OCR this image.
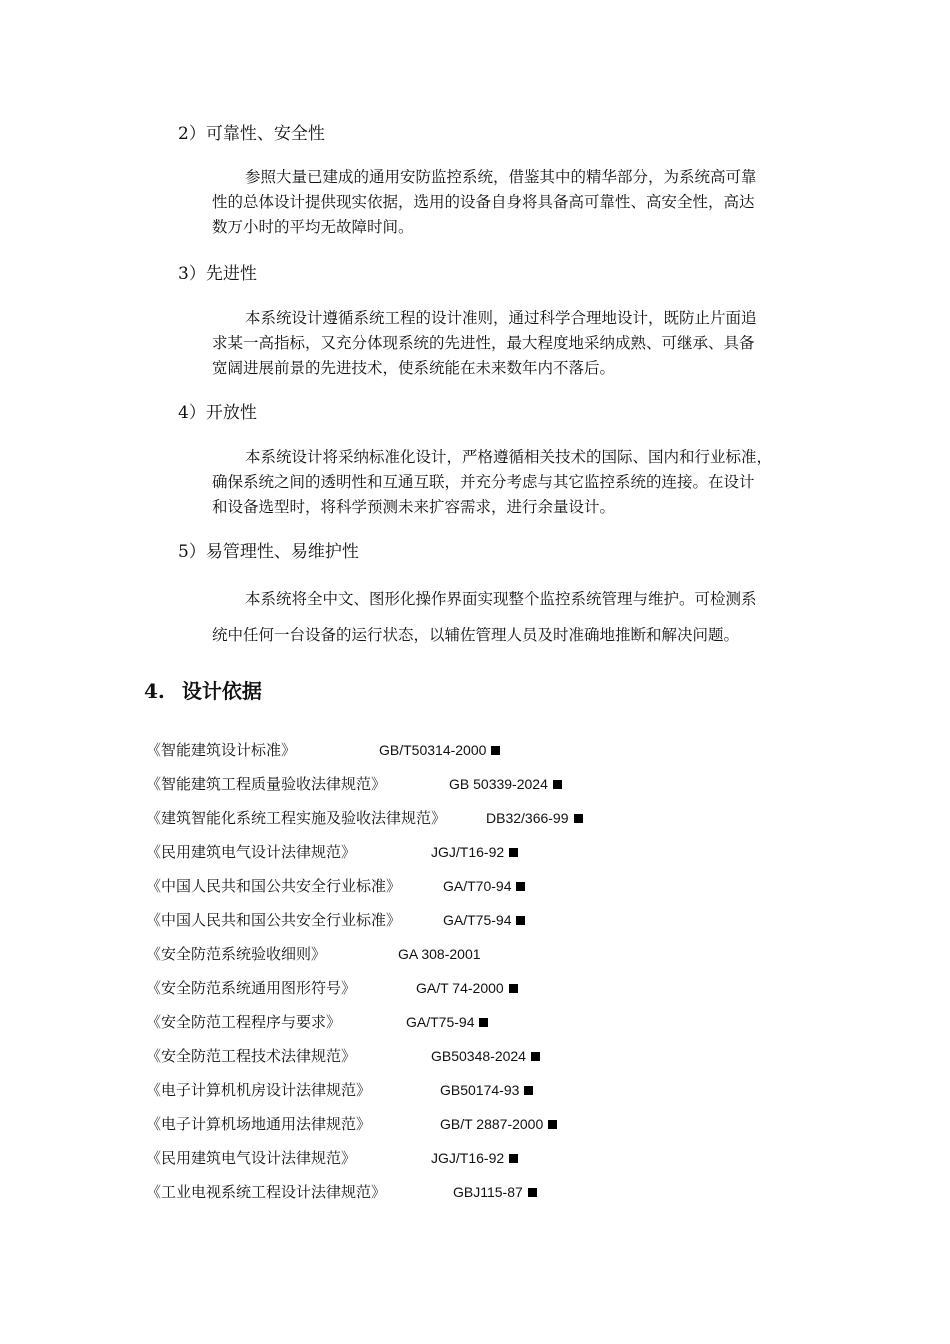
2）可靠性、安全性
参照大量已建成的通用安防监控系统，借鉴其中的精华部分，为系统高可靠
性的总体设计提供现实依据，选用的设备自身将具备高可靠性、高安全性，高达
数万小时的平均无故障时间。
3）先进性
本系统设计遵循系统工程的设计准则，通过科学合理地设计，既防止片面追
求某一高指标，又充分体现系统的先进性，最大程度地采纳成熟、可继承、具备
宽阔进展前景的先进技术，使系统能在未来数年内不落后。
4）开放性
本系统设计将采纳标准化设计，严格遵循相关技术的国际、国内和行业标准，
确保系统之间的透明性和互通互联，并充分考虑与其它监控系统的连接。在设计
和设备选型时，将科学预测未来扩容需求，进行余量设计。
5）易管理性、易维护性
本系统将全中文、图形化操作界面实现整个监控系统管理与维护。可检测系
统中任何一台设备的运行状态，以辅佐管理人员及时准确地推断和解决问题。
4. 设计依据
《智能建筑设计标准》	GB/T50314-2000
《智能建筑工程质量验收法律规范》	GB 50339-2024
《建筑智能化系统工程实施及验收法律规范》	DB32/366-99
《民用建筑电气设计法律规范》	JGJ/T16-92
《中国人民共和国公共安全行业标准》	GA/T70-94
《中国人民共和国公共安全行业标准》	GA/T75-94
《安全防范系统验收细则》	GA 308-2001
《安全防范系统通用图形符号》	GA/T 74-2000
《安全防范工程程序与要求》	GA/T75-94
《安全防范工程技术法律规范》	GB50348-2024
《电子计算机机房设计法律规范》	GB50174-93
《电子计算机场地通用法律规范》	GB/T 2887-2000
《民用建筑电气设计法律规范》	JGJ/T16-92
《工业电视系统工程设计法律规范》	GBJ115-87
